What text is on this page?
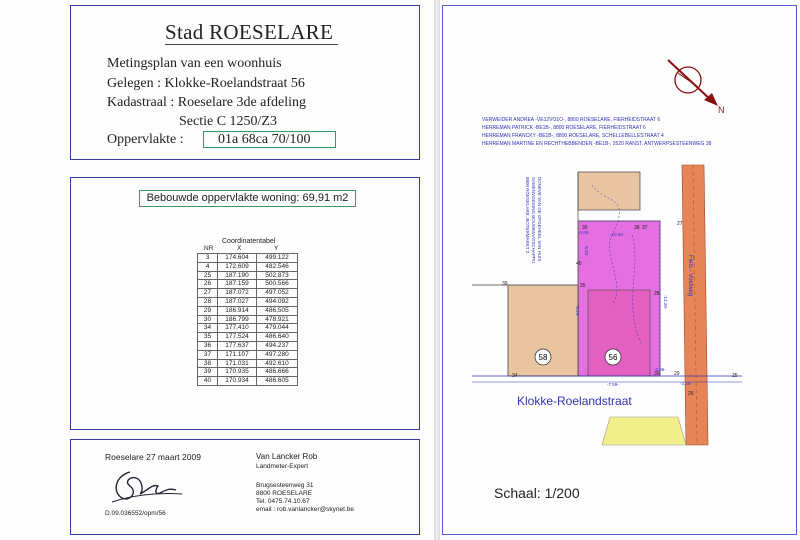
Stad ROESELARE
Metingsplan van een woonhuis
Gelegen : Klokke-Roelandstraat 56
Kadastraal : Roeselare 3de afdeling
Sectie C 1250/Z3
Oppervlakte :	01a 68ca 70/100
Bebouwde oppervlakte woning: 69,91 m2
Coordinatentabel
NR	X	Y
3	174.604	499.122
4	172.609	482.546
25	187.190	502.873
26	187.159	500.566
27	187.072	497.052
28	187.027	494.092
29	186.914	486.505
30	186.799	478.921
34	177.410	479.044
35	177.524	486.640
36	177.637	494.237
37	171.107	497.280
38	171.031	492.610
39	170.935	486.666
40	170.934	486.605
Roeselare 27 maart 2009
D.09.036552/opm/56
Van Lancker Rob
Landmeter-Expert
Brugsesteenweg 31
8800 ROESELARE
Tel. 0475.74.10.67
email : rob.vanlancker@skynet.be
N
VERWEIDER ANDREA -VE12VO1O-, 8800 ROESELARE, FIERHEIDSTRAAT 6
HERREMAN PATRICK -BE1B-, 8800 ROESELARE, FIERHEIDSTRAAT 6
HERREMAN FRANCKY -BE1B-, 8800 ROESELARE, SCHELLEBELLESTRAAT 4
HERREMAN MARTINE EN RECHTHEBBENDEN -BE1B-, 2520 RANST, ANTWERPSESTEENWEG 38
DONEVE VAN DE OFGEHEEL VAN HUIS
SAMENVOEGING BOUWMAATSCHAPPIJ
8800 ROESELARE, BOTERMARKT 2
Fiets - Voetweg
58	56
36	37
38
34	30	29
28
27
25
26
35
39
40
-10.62-
-7.59-
-2.96-
-3.35-
-4.60-
-6.29-
-5.82-
-13.20-
Klokke-Roelandstraat
Schaal: 1/200
